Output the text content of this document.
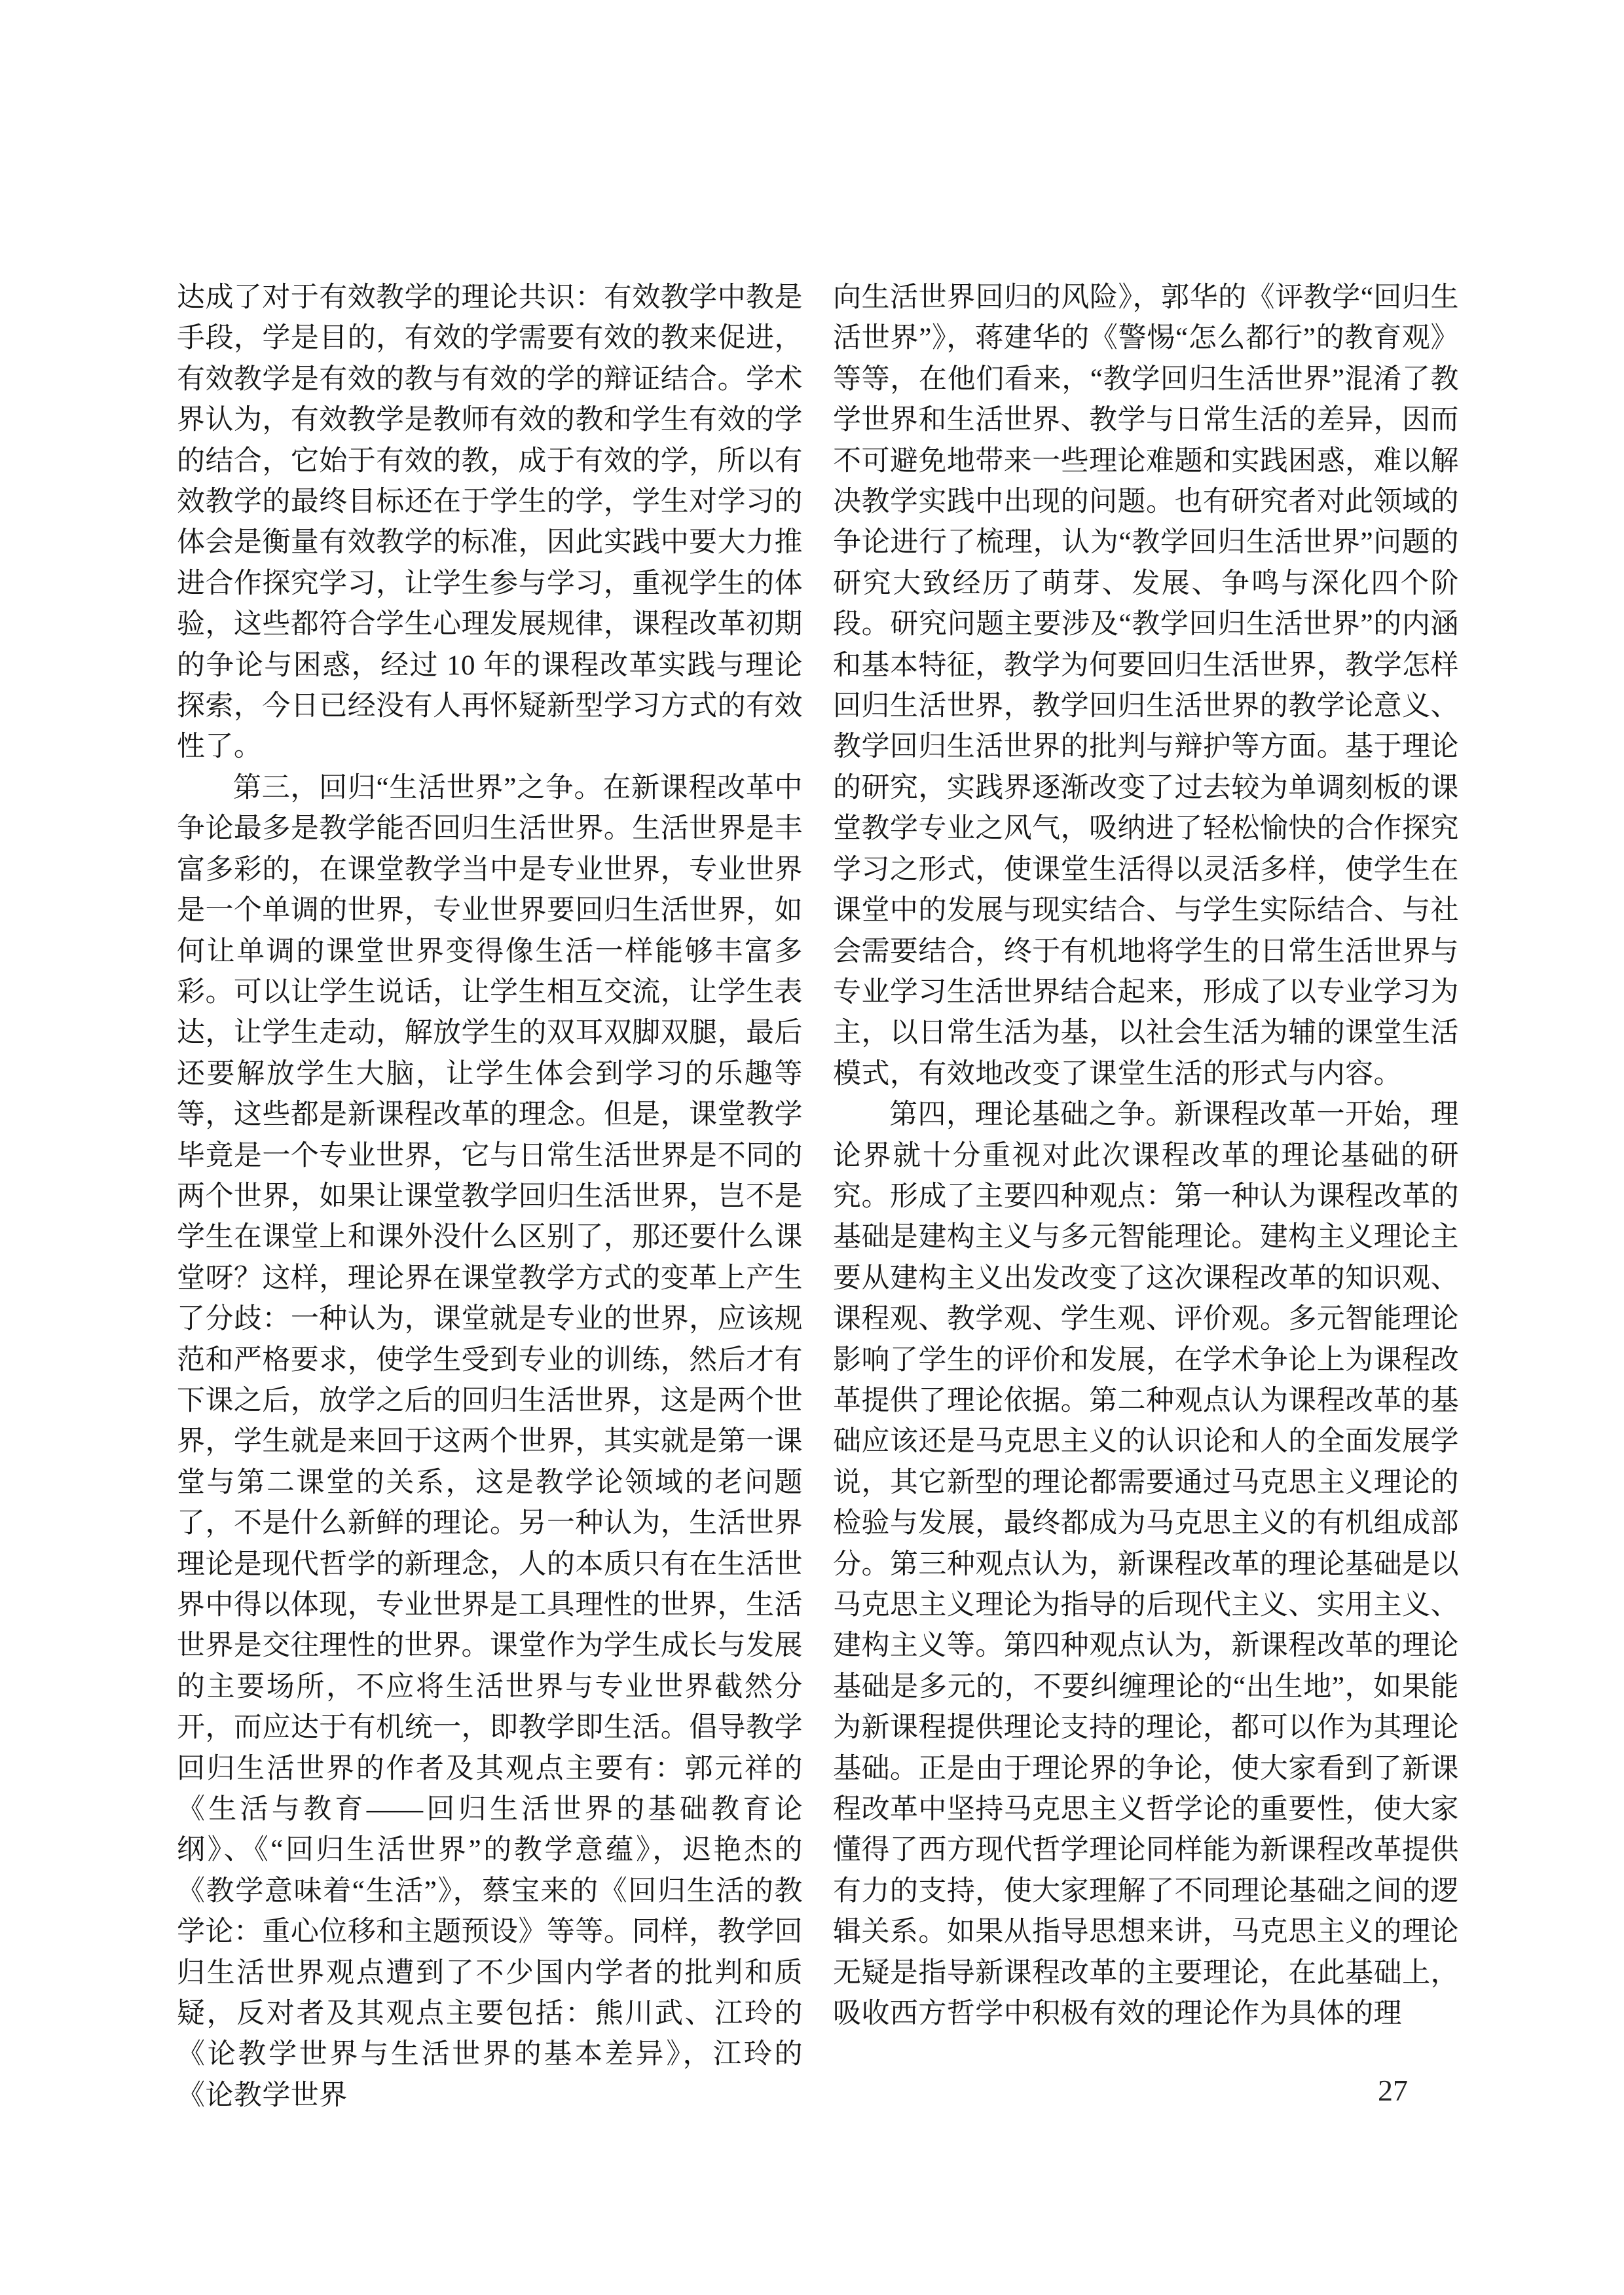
达成了对于有效教学的理论共识：有效教学中教是手段，学是目的，有效的学需要有效的教来促进，有效教学是有效的教与有效的学的辩证结合。学术界认为，有效教学是教师有效的教和学生有效的学的结合，它始于有效的教，成于有效的学，所以有效教学的最终目标还在于学生的学，学生对学习的体会是衡量有效教学的标准，因此实践中要大力推进合作探究学习，让学生参与学习，重视学生的体验，这些都符合学生心理发展规律，课程改革初期的争论与困惑，经过 10 年的课程改革实践与理论探索，今日已经没有人再怀疑新型学习方式的有效性了。

第三，回归“生活世界”之争。在新课程改革中争论最多是教学能否回归生活世界。生活世界是丰富多彩的，在课堂教学当中是专业世界，专业世界是一个单调的世界，专业世界要回归生活世界，如何让单调的课堂世界变得像生活一样能够丰富多彩。可以让学生说话，让学生相互交流，让学生表达，让学生走动，解放学生的双耳双脚双腿，最后还要解放学生大脑，让学生体会到学习的乐趣等等，这些都是新课程改革的理念。但是，课堂教学毕竟是一个专业世界，它与日常生活世界是不同的两个世界，如果让课堂教学回归生活世界，岂不是学生在课堂上和课外没什么区别了，那还要什么课堂呀？这样，理论界在课堂教学方式的变革上产生了分歧：一种认为，课堂就是专业的世界，应该规范和严格要求，使学生受到专业的训练，然后才有下课之后，放学之后的回归生活世界，这是两个世界，学生就是来回于这两个世界，其实就是第一课堂与第二课堂的关系，这是教学论领域的老问题了，不是什么新鲜的理论。另一种认为，生活世界理论是现代哲学的新理念，人的本质只有在生活世界中得以体现，专业世界是工具理性的世界，生活世界是交往理性的世界。课堂作为学生成长与发展的主要场所，不应将生活世界与专业世界截然分开，而应达于有机统一，即教学即生活。倡导教学回归生活世界的作者及其观点主要有：郭元祥的《生活与教育——回归生活世界的基础教育论纲》、《“回归生活世界”的教学意蕴》，迟艳杰的《教学意味着“生活”》，蔡宝来的《回归生活的教学论：重心位移和主题预设》等等。同样，教学回归生活世界观点遭到了不少国内学者的批判和质疑，反对者及其观点主要包括：熊川武、江玲的《论教学世界与生活世界的基本差异》，江玲的《论教学世界

向生活世界回归的风险》，郭华的《评教学“回归生活世界”》，蒋建华的《警惕“怎么都行”的教育观》等等，在他们看来，“教学回归生活世界”混淆了教学世界和生活世界、教学与日常生活的差异，因而不可避免地带来一些理论难题和实践困惑，难以解决教学实践中出现的问题。也有研究者对此领域的争论进行了梳理，认为“教学回归生活世界”问题的研究大致经历了萌芽、发展、争鸣与深化四个阶段。研究问题主要涉及“教学回归生活世界”的内涵和基本特征，教学为何要回归生活世界，教学怎样回归生活世界，教学回归生活世界的教学论意义、教学回归生活世界的批判与辩护等方面。基于理论的研究，实践界逐渐改变了过去较为单调刻板的课堂教学专业之风气，吸纳进了轻松愉快的合作探究学习之形式，使课堂生活得以灵活多样，使学生在课堂中的发展与现实结合、与学生实际结合、与社会需要结合，终于有机地将学生的日常生活世界与专业学习生活世界结合起来，形成了以专业学习为主，以日常生活为基，以社会生活为辅的课堂生活模式，有效地改变了课堂生活的形式与内容。

第四，理论基础之争。新课程改革一开始，理论界就十分重视对此次课程改革的理论基础的研究。形成了主要四种观点：第一种认为课程改革的基础是建构主义与多元智能理论。建构主义理论主要从建构主义出发改变了这次课程改革的知识观、课程观、教学观、学生观、评价观。多元智能理论影响了学生的评价和发展，在学术争论上为课程改革提供了理论依据。第二种观点认为课程改革的基础应该还是马克思主义的认识论和人的全面发展学说，其它新型的理论都需要通过马克思主义理论的检验与发展，最终都成为马克思主义的有机组成部分。第三种观点认为，新课程改革的理论基础是以马克思主义理论为指导的后现代主义、实用主义、建构主义等。第四种观点认为，新课程改革的理论基础是多元的，不要纠缠理论的“出生地”，如果能为新课程提供理论支持的理论，都可以作为其理论基础。正是由于理论界的争论，使大家看到了新课程改革中坚持马克思主义哲学论的重要性，使大家懂得了西方现代哲学理论同样能为新课程改革提供有力的支持，使大家理解了不同理论基础之间的逻辑关系。如果从指导思想来讲，马克思主义的理论无疑是指导新课程改革的主要理论，在此基础上，吸收西方哲学中积极有效的理论作为具体的理

27
